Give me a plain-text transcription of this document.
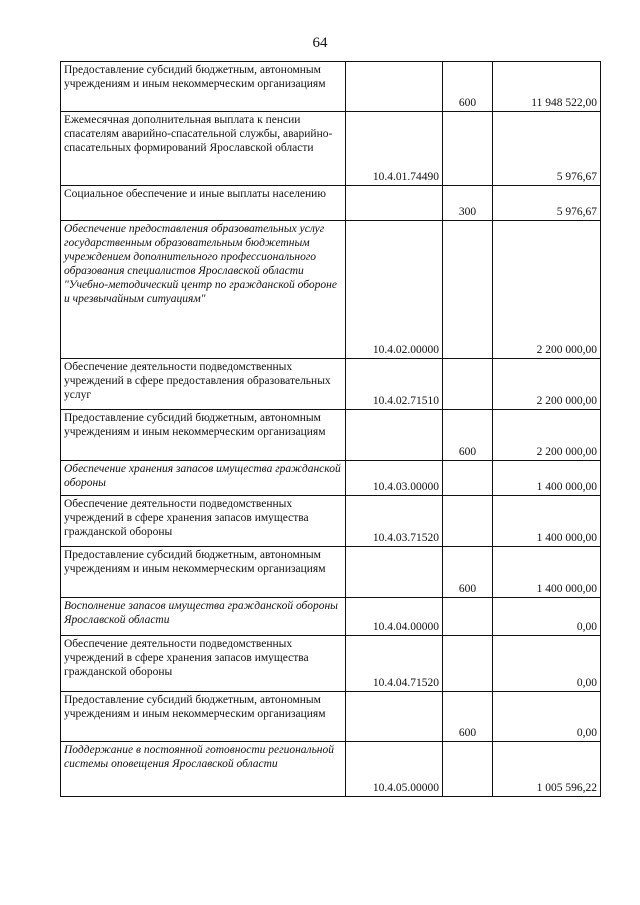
64
Предоставление субсидий бюджетным, автономным учреждениям и иным некоммерческим организациям		600	11 948 522,00
Ежемесячная дополнительная выплата к пенсии спасателям аварийно-спасательной службы, аварийно-спасательных формирований Ярославской области	10.4.01.74490		5 976,67
Социальное обеспечение и иные выплаты населению		300	5 976,67
Обеспечение предоставления образовательных услуг государственным образовательным бюджетным учреждением дополнительного профессионального образования специалистов Ярославской области "Учебно-методический центр по гражданской обороне и чрезвычайным ситуациям"	10.4.02.00000		2 200 000,00
Обеспечение деятельности подведомственных учреждений в сфере предоставления образовательных услуг	10.4.02.71510		2 200 000,00
Предоставление субсидий бюджетным, автономным учреждениям и иным некоммерческим организациям		600	2 200 000,00
Обеспечение хранения запасов имущества гражданской обороны	10.4.03.00000		1 400 000,00
Обеспечение деятельности подведомственных учреждений в сфере хранения запасов имущества гражданской обороны	10.4.03.71520		1 400 000,00
Предоставление субсидий бюджетным, автономным учреждениям и иным некоммерческим организациям		600	1 400 000,00
Восполнение запасов имущества гражданской обороны Ярославской области	10.4.04.00000		0,00
Обеспечение деятельности подведомственных учреждений в сфере хранения запасов имущества гражданской обороны	10.4.04.71520		0,00
Предоставление субсидий бюджетным, автономным учреждениям и иным некоммерческим организациям		600	0,00
Поддержание в постоянной готовности региональной системы оповещения Ярославской области	10.4.05.00000		1 005 596,22
